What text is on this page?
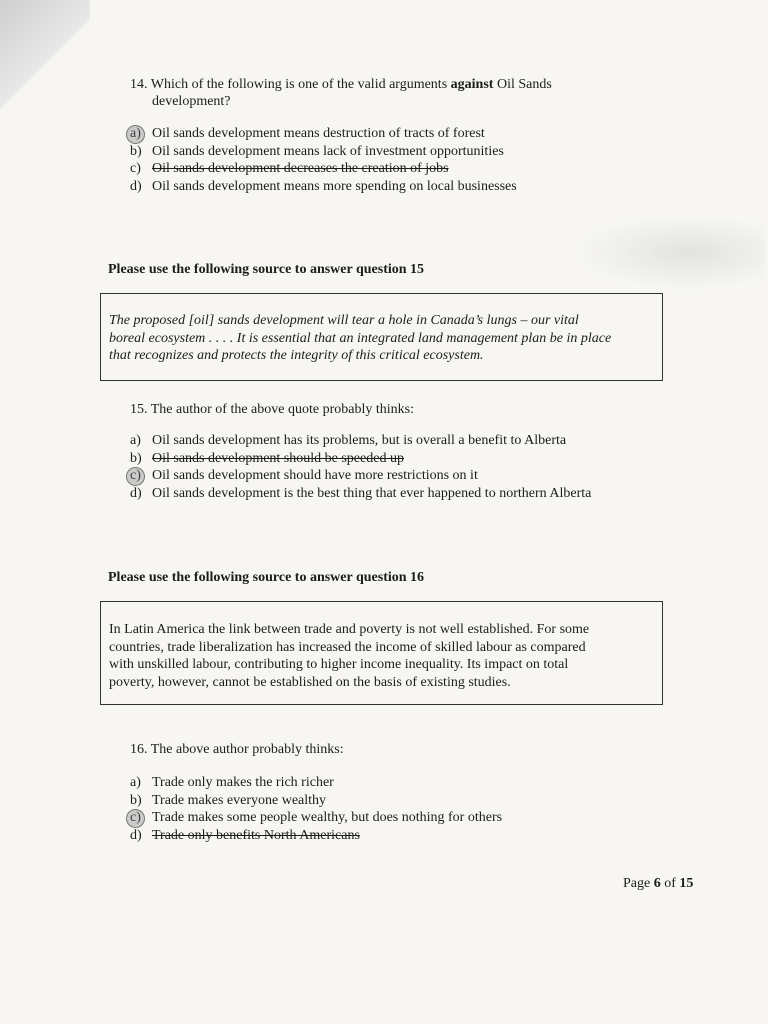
14. Which of the following is one of the valid arguments against Oil Sands
development?
a) Oil sands development means destruction of tracts of forest
b) Oil sands development means lack of investment opportunities
c) Oil sands development decreases the creation of jobs
d) Oil sands development means more spending on local businesses
Please use the following source to answer question 15
The proposed [oil] sands development will tear a hole in Canada’s lungs – our vital
boreal ecosystem . . . . It is essential that an integrated land management plan be in place
that recognizes and protects the integrity of this critical ecosystem.
15. The author of the above quote probably thinks:
a) Oil sands development has its problems, but is overall a benefit to Alberta
b) Oil sands development should be speeded up
c) Oil sands development should have more restrictions on it
d) Oil sands development is the best thing that ever happened to northern Alberta
Please use the following source to answer question 16
In Latin America the link between trade and poverty is not well established. For some
countries, trade liberalization has increased the income of skilled labour as compared
with unskilled labour, contributing to higher income inequality. Its impact on total
poverty, however, cannot be established on the basis of existing studies.
16. The above author probably thinks:
a) Trade only makes the rich richer
b) Trade makes everyone wealthy
c) Trade makes some people wealthy, but does nothing for others
d) Trade only benefits North Americans
Page 6 of 15
